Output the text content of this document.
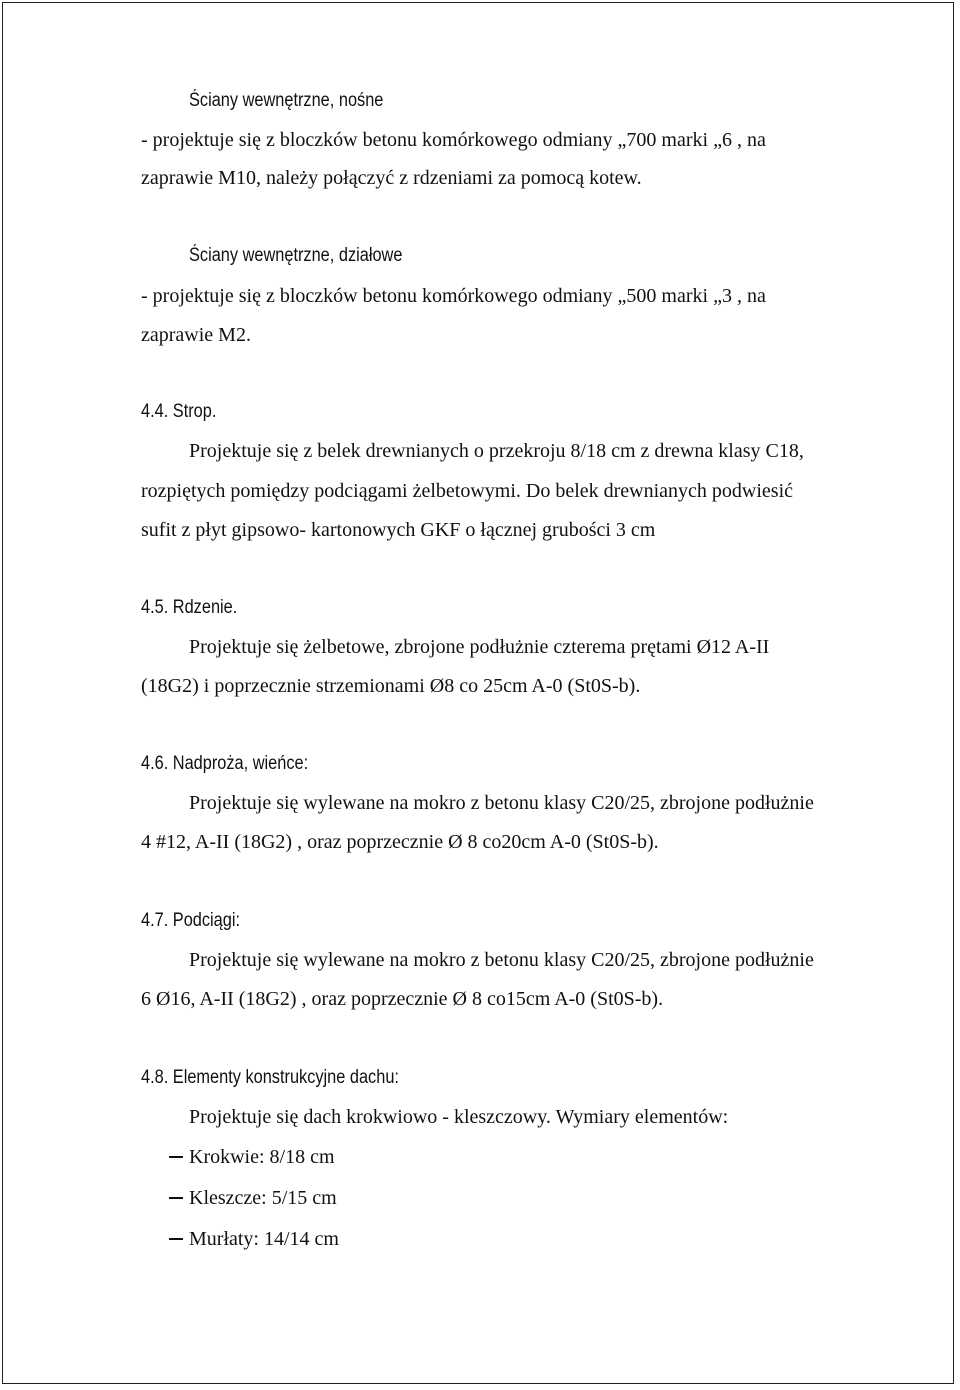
Ściany wewnętrzne, nośne
- projektuje się z bloczków betonu komórkowego odmiany „700 marki „6 , na
zaprawie M10, należy połączyć z rdzeniami za pomocą kotew.
Ściany wewnętrzne, działowe
- projektuje się z bloczków betonu komórkowego odmiany „500 marki „3 , na
zaprawie M2.
4.4. Strop.
Projektuje się z belek drewnianych o przekroju 8/18 cm z drewna klasy C18,
rozpiętych pomiędzy podciągami żelbetowymi. Do belek drewnianych podwiesić
sufit z płyt gipsowo- kartonowych GKF o łącznej grubości 3 cm
4.5. Rdzenie.
Projektuje się żelbetowe, zbrojone podłużnie czterema prętami Ø12 A-II
(18G2) i poprzecznie strzemionami Ø8 co 25cm A-0 (St0S-b).
4.6. Nadproża, wieńce:
Projektuje się wylewane na mokro z betonu klasy C20/25, zbrojone podłużnie
4 #12, A-II (18G2) , oraz poprzecznie Ø 8 co20cm A-0 (St0S-b).
4.7. Podciągi:
Projektuje się wylewane na mokro z betonu klasy C20/25, zbrojone podłużnie
6 Ø16, A-II (18G2) , oraz poprzecznie Ø 8 co15cm A-0 (St0S-b).
4.8. Elementy konstrukcyjne dachu:
Projektuje się dach krokwiowo - kleszczowy. Wymiary elementów:
Krokwie: 8/18 cm
Kleszcze: 5/15 cm
Murłaty: 14/14 cm
